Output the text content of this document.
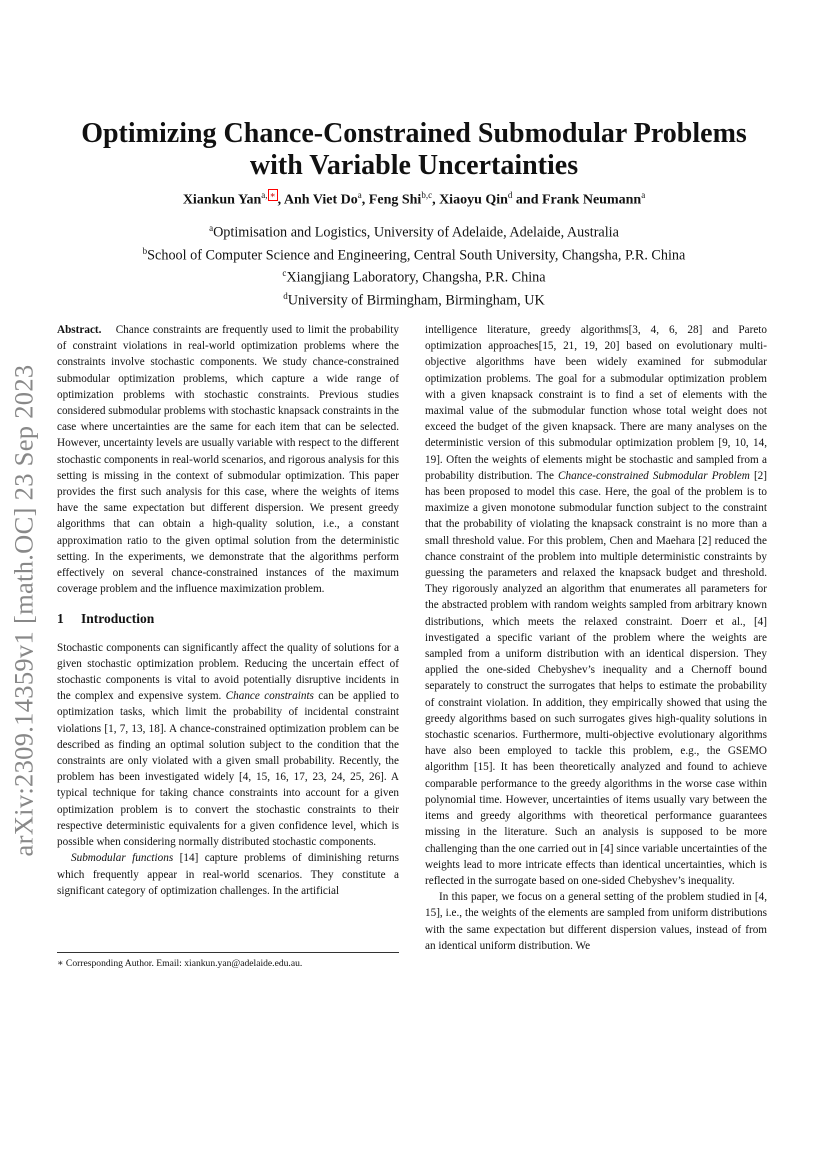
arXiv:2309.14359v1 [math.OC] 23 Sep 2023
Optimizing Chance-Constrained Submodular Problems
with Variable Uncertainties
Xiankun Yan$^{a,}$ ∗ , Anh Viet Do$^a$, Feng Shi$^{b,c}$, Xiaoyu Qin$^d$ and Frank Neumann$^a$
$^a$Optimisation and Logistics, University of Adelaide, Adelaide, Australia
$^b$School of Computer Science and Engineering, Central South University, Changsha, P.R. China
$^c$Xiangjiang Laboratory, Changsha, P.R. China
$^d$University of Birmingham, Birmingham, UK

Abstract. Chance constraints are frequently used to limit the probability of constraint violations in real-world optimization problems where the constraints involve stochastic components. We study chance-constrained submodular optimization problems, which capture a wide range of optimization problems with stochastic constraints. Previous studies considered submodular problems with stochastic knapsack constraints in the case where uncertainties are the same for each item that can be selected. However, uncertainty levels are usually variable with respect to the different stochastic components in real-world scenarios, and rigorous analysis for this setting is missing in the context of submodular optimization. This paper provides the first such analysis for this case, where the weights of items have the same expectation but different dispersion. We present greedy algorithms that can obtain a high-quality solution, i.e., a constant approximation ratio to the given optimal solution from the deterministic setting. In the experiments, we demonstrate that the algorithms perform effectively on several chance-constrained instances of the maximum coverage problem and the influence maximization problem.

1 Introduction

Stochastic components can significantly affect the quality of solutions for a given stochastic optimization problem. Reducing the uncertain effect of stochastic components is vital to avoid potentially disruptive incidents in the complex and expensive system. Chance constraints can be applied to optimization tasks, which limit the probability of incidental constraint violations [1, 7, 13, 18]. A chance-constrained optimization problem can be described as finding an optimal solution subject to the condition that the constraints are only violated with a given small probability. Recently, the problem has been investigated widely [4, 15, 16, 17, 23, 24, 25, 26]. A typical technique for taking chance constraints into account for a given optimization problem is to convert the stochastic constraints to their respective deterministic equivalents for a given confidence level, which is possible when considering normally distributed stochastic components.

Submodular functions [14] capture problems of diminishing returns which frequently appear in real-world scenarios. They constitute a significant category of optimization challenges. In the artificial

∗ Corresponding Author. Email: xiankun.yan@adelaide.edu.au.

intelligence literature, greedy algorithms[3, 4, 6, 28] and Pareto optimization approaches[15, 21, 19, 20] based on evolutionary multi-objective algorithms have been widely examined for submodular optimization problems. The goal for a submodular optimization problem with a given knapsack constraint is to find a set of elements with the maximal value of the submodular function whose total weight does not exceed the budget of the given knapsack. There are many analyses on the deterministic version of this submodular optimization problem [9, 10, 14, 19]. Often the weights of elements might be stochastic and sampled from a probability distribution. The Chance-constrained Submodular Problem [2] has been proposed to model this case. Here, the goal of the problem is to maximize a given monotone submodular function subject to the constraint that the probability of violating the knapsack constraint is no more than a small threshold value. For this problem, Chen and Maehara [2] reduced the chance constraint of the problem into multiple deterministic constraints by guessing the parameters and relaxed the knapsack budget and threshold. They rigorously analyzed an algorithm that enumerates all parameters for the abstracted problem with random weights sampled from arbitrary known distributions, which meets the relaxed constraint. Doerr et al., [4] investigated a specific variant of the problem where the weights are sampled from a uniform distribution with an identical dispersion. They applied the one-sided Chebyshev’s inequality and a Chernoff bound separately to construct the surrogates that helps to estimate the probability of constraint violation. In addition, they empirically showed that using the greedy algorithms based on such surrogates gives high-quality solutions in stochastic scenarios. Furthermore, multi-objective evolutionary algorithms have also been employed to tackle this problem, e.g., the GSEMO algorithm [15]. It has been theoretically analyzed and found to achieve comparable performance to the greedy algorithms in the worse case within polynomial time. However, uncertainties of items usually vary between the items and greedy algorithms with theoretical performance guarantees missing in the literature. Such an analysis is supposed to be more challenging than the one carried out in [4] since variable uncertainties of the weights lead to more intricate effects than identical uncertainties, which is reflected in the surrogate based on one-sided Chebyshev’s inequality.

In this paper, we focus on a general setting of the problem studied in [4, 15], i.e., the weights of the elements are sampled from uniform distributions with the same expectation but different dispersion values, instead of from an identical uniform distribution. We
